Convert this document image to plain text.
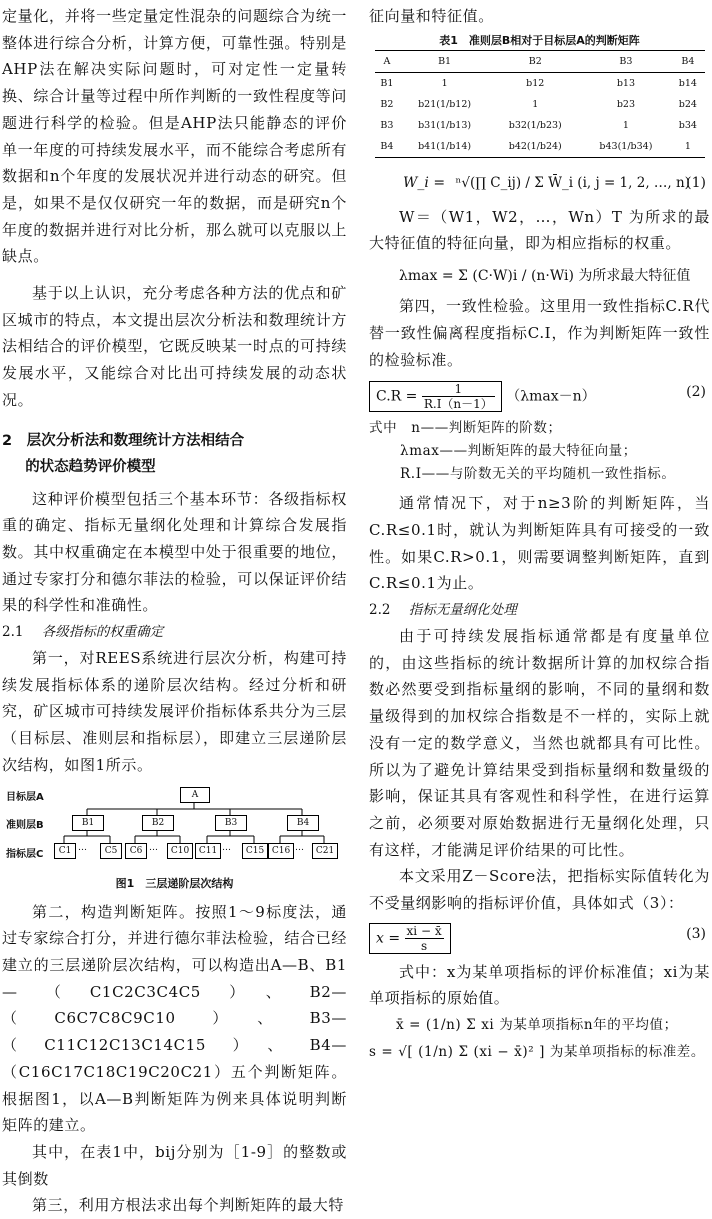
定量化，并将一些定量定性混杂的问题综合为统一整体进行综合分析，计算方便，可靠性强。特别是AHP法在解决实际问题时，可对定性一定量转换、综合计量等过程中所作判断的一致性程度等问题进行科学的检验。但是AHP法只能静态的评价单一年度的可持续发展水平，而不能综合考虑所有数据和n个年度的发展状况并进行动态的研究。但是，如果不是仅仅研究一年的数据，而是研究n个年度的数据并进行对比分析，那么就可以克服以上缺点。

基于以上认识，充分考虑各种方法的优点和矿区城市的特点，本文提出层次分析法和数理统计方法相结合的评价模型，它既反映某一时点的可持续发展水平，又能综合对比出可持续发展的动态状况。

2　层次分析法和数理统计方法相结合

的状态趋势评价模型

这种评价模型包括三个基本环节：各级指标权重的确定、指标无量纲化处理和计算综合发展指数。其中权重确定在本模型中处于很重要的地位，通过专家打分和德尔菲法的检验，可以保证评价结果的科学性和准确性。

2.1 各级指标的权重确定

第一，对REES系统进行层次分析，构建可持续发展指标体系的递阶层次结构。经过分析和研究，矿区城市可持续发展评价指标体系共分为三层（目标层、准则层和指标层），即建立三层递阶层次结构，如图1所示。

目标层A
准则层B
指标层C
A
B1	B2	B3	B4
C1 …	C5	C6 …	C10	C11 …	C15 C16 …	C21

图1　三层递阶层次结构

第二，构造判断矩阵。按照1～9标度法，通过专家综合打分，并进行德尔菲法检验，结合已经建立的三层递阶层次结构，可以构造出A—B、B1—（C1C2C3C4C5）、B2—（C6C7C8C9C10）、B3—（C11C12C13C14C15）、B4—（C16C17C18C19C20C21）五个判断矩阵。根据图1，以A—B判断矩阵为例来具体说明判断矩阵的建立。

其中，在表1中，bij分别为［1-9］的整数或其倒数

第三，利用方根法求出每个判断矩阵的最大特

征向量和特征值。

表1　准则层B相对于目标层A的判断矩阵

A	B1	B2	B3	B4
B1	1	b12	b13	b14
B2	b21(1/b12)	1	b23	b24
B3	b31(1/b13)	b32(1/b23)	1	b34
B4	b41(1/b14)	b42(1/b24)	b43(1/b34)	1
W_i = ⁿ√(∏ C_ij) / Σ W̄_i (i, j = 1, 2, …, n)
(1)

W＝（W1，W2，…，Wn）T 为所求的最大特征值的特征向量，即为相应指标的权重。

λmax = Σ (C·W)i / (n·Wi) 为所求最大特征值

第四，一致性检验。这里用一致性指标C.R代替一致性偏离程度指标C.I，作为判断矩阵一致性的检验标准。

$C.R = \frac{1}{R.I(n-1)} (\lambda\max-n)$	(2)

式中　n——判断矩阵的阶数；

λmax——判断矩阵的最大特征向量；

R.I——与阶数无关的平均随机一致性指标。

通常情况下，对于n≥3阶的判断矩阵，当C.R≤0.1时，就认为判断矩阵具有可接受的一致性。如果C.R>0.1，则需要调整判断矩阵，直到C.R≤0.1为止。

2.2 指标无量纲化处理

由于可持续发展指标通常都是有度量单位的，由这些指标的统计数据所计算的加权综合指数必然要受到指标量纲的影响，不同的量纲和数量级得到的加权综合指数是不一样的，实际上就没有一定的数学意义，当然也就都具有可比性。所以为了避免计算结果受到指标量纲和数量级的影响，保证其具有客观性和科学性，在进行运算之前，必须要对原始数据进行无量纲化处理，只有这样，才能满足评价结果的可比性。

本文采用Z－Score法，把指标实际值转化为不受量纲影响的指标评价值，具体如式（3）：

$x = \frac{xi - x̄}{s}$	(3)

式中：x为某单项指标的评价标准值；xi为某单项指标的原始值。

x̄ = (1/n) Σ xi 为某单项指标n年的平均值；

s = √[ (1/n) Σ (xi − x̄)² ] 为某单项指标的标准差。
